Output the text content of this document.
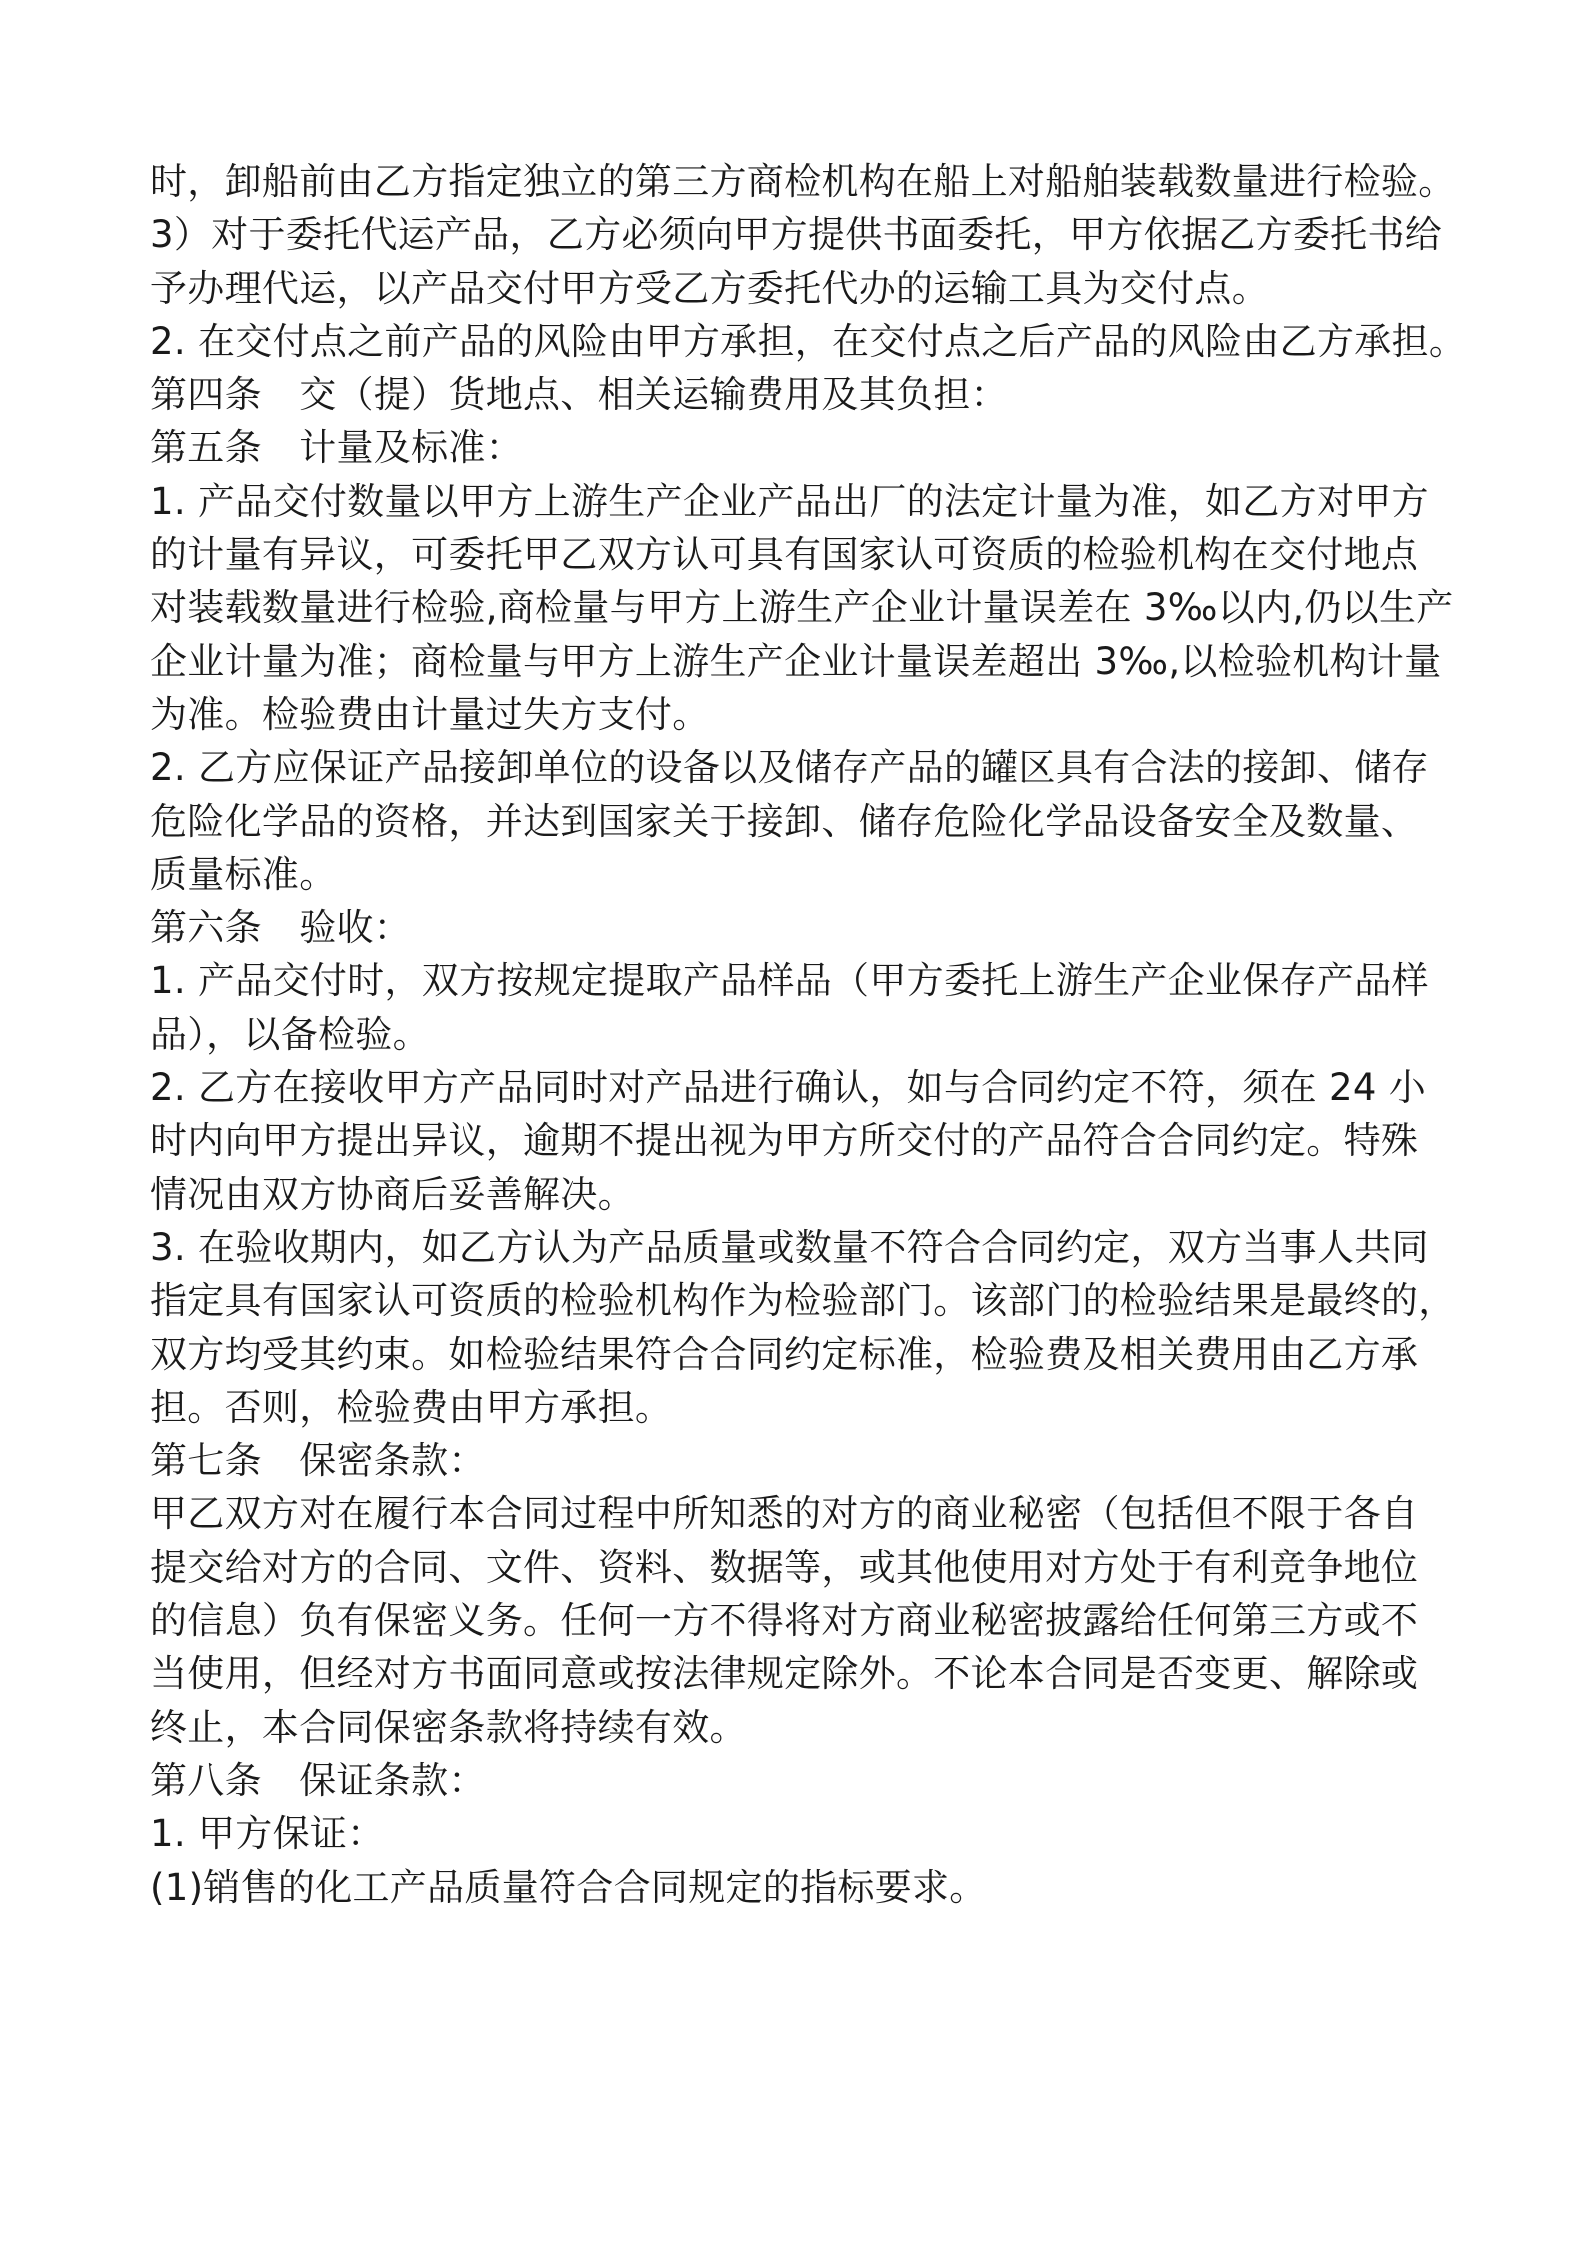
时，卸船前由乙方指定独立的第三方商检机构在船上对船舶装载数量进行检验。
3）对于委托代运产品，乙方必须向甲方提供书面委托，甲方依据乙方委托书给
予办理代运，以产品交付甲方受乙方委托代办的运输工具为交付点。
2. 在交付点之前产品的风险由甲方承担，在交付点之后产品的风险由乙方承担。
第四条　交（提）货地点、相关运输费用及其负担：
第五条　计量及标准：
1. 产品交付数量以甲方上游生产企业产品出厂的法定计量为准，如乙方对甲方
的计量有异议，可委托甲乙双方认可具有国家认可资质的检验机构在交付地点
对装载数量进行检验,商检量与甲方上游生产企业计量误差在 3‰以内,仍以生产
企业计量为准；商检量与甲方上游生产企业计量误差超出 3‰,以检验机构计量
为准。检验费由计量过失方支付。
2. 乙方应保证产品接卸单位的设备以及储存产品的罐区具有合法的接卸、储存
危险化学品的资格，并达到国家关于接卸、储存危险化学品设备安全及数量、
质量标准。
第六条　验收：
1. 产品交付时，双方按规定提取产品样品（甲方委托上游生产企业保存产品样
品），以备检验。
2. 乙方在接收甲方产品同时对产品进行确认，如与合同约定不符，须在 24 小
时内向甲方提出异议，逾期不提出视为甲方所交付的产品符合合同约定。特殊
情况由双方协商后妥善解决。
3. 在验收期内，如乙方认为产品质量或数量不符合合同约定，双方当事人共同
指定具有国家认可资质的检验机构作为检验部门。该部门的检验结果是最终的，
双方均受其约束。如检验结果符合合同约定标准，检验费及相关费用由乙方承
担。否则，检验费由甲方承担。
第七条　保密条款：
甲乙双方对在履行本合同过程中所知悉的对方的商业秘密（包括但不限于各自
提交给对方的合同、文件、资料、数据等，或其他使用对方处于有利竞争地位
的信息）负有保密义务。任何一方不得将对方商业秘密披露给任何第三方或不
当使用，但经对方书面同意或按法律规定除外。不论本合同是否变更、解除或
终止，本合同保密条款将持续有效。
第八条　保证条款：
1. 甲方保证：
(1)销售的化工产品质量符合合同规定的指标要求。
